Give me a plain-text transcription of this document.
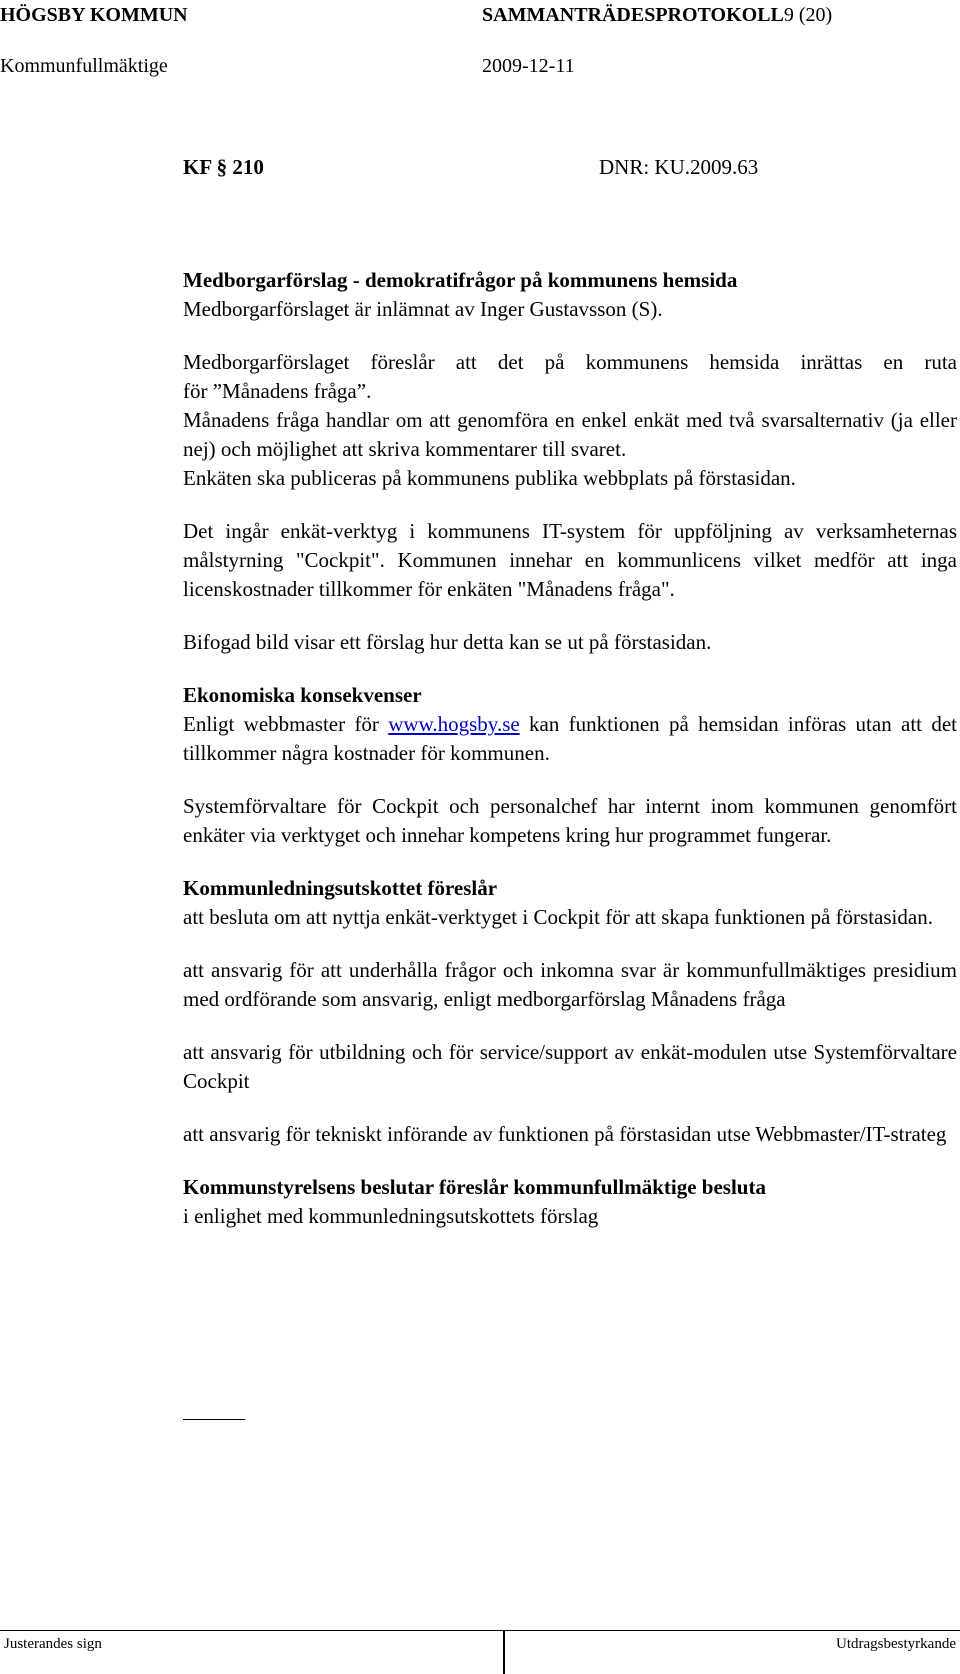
HÖGSBY KOMMUN	SAMMANTRÄDESPROTOKOLL9 (20)
Kommunfullmäktige	2009-12-11
KF § 210	DNR: KU.2009.63

Medborgarförslag - demokratifrågor på kommunens hemsida

Medborgarförslaget är inlämnat av Inger Gustavsson (S).

Medborgarförslaget föreslår att det på kommunens hemsida inrättas en ruta

för ”Månadens fråga”.

Månadens fråga handlar om att genomföra en enkel enkät med två svarsalternativ (ja eller nej) och möjlighet att skriva kommentarer till svaret.

Enkäten ska publiceras på kommunens publika webbplats på förstasidan.

Det ingår enkät-verktyg i kommunens IT-system för uppföljning av verksamheternas målstyrning "Cockpit". Kommunen innehar en kommunlicens vilket medför att inga licenskostnader tillkommer för enkäten "Månadens fråga".

Bifogad bild visar ett förslag hur detta kan se ut på förstasidan.

Ekonomiska konsekvenser

Enligt webbmaster för www.hogsby.se kan funktionen på hemsidan införas utan att det tillkommer några kostnader för kommunen.

Systemförvaltare för Cockpit och personalchef har internt inom kommunen genomfört enkäter via verktyget och innehar kompetens kring hur programmet fungerar.

Kommunledningsutskottet föreslår

att besluta om att nyttja enkät-verktyget i Cockpit för att skapa funktionen på förstasidan.

att ansvarig för att underhålla frågor och inkomna svar är kommunfullmäktiges presidium med ordförande som ansvarig, enligt medborgarförslag Månadens fråga

att ansvarig för utbildning och för service/support av enkät-modulen utse Systemförvaltare Cockpit

att ansvarig för tekniskt införande av funktionen på förstasidan utse Webbmaster/IT-strateg

Kommunstyrelsens beslutar föreslår kommunfullmäktige besluta

i enlighet med kommunledningsutskottets förslag

Justerandes sign	Utdragsbestyrkande
